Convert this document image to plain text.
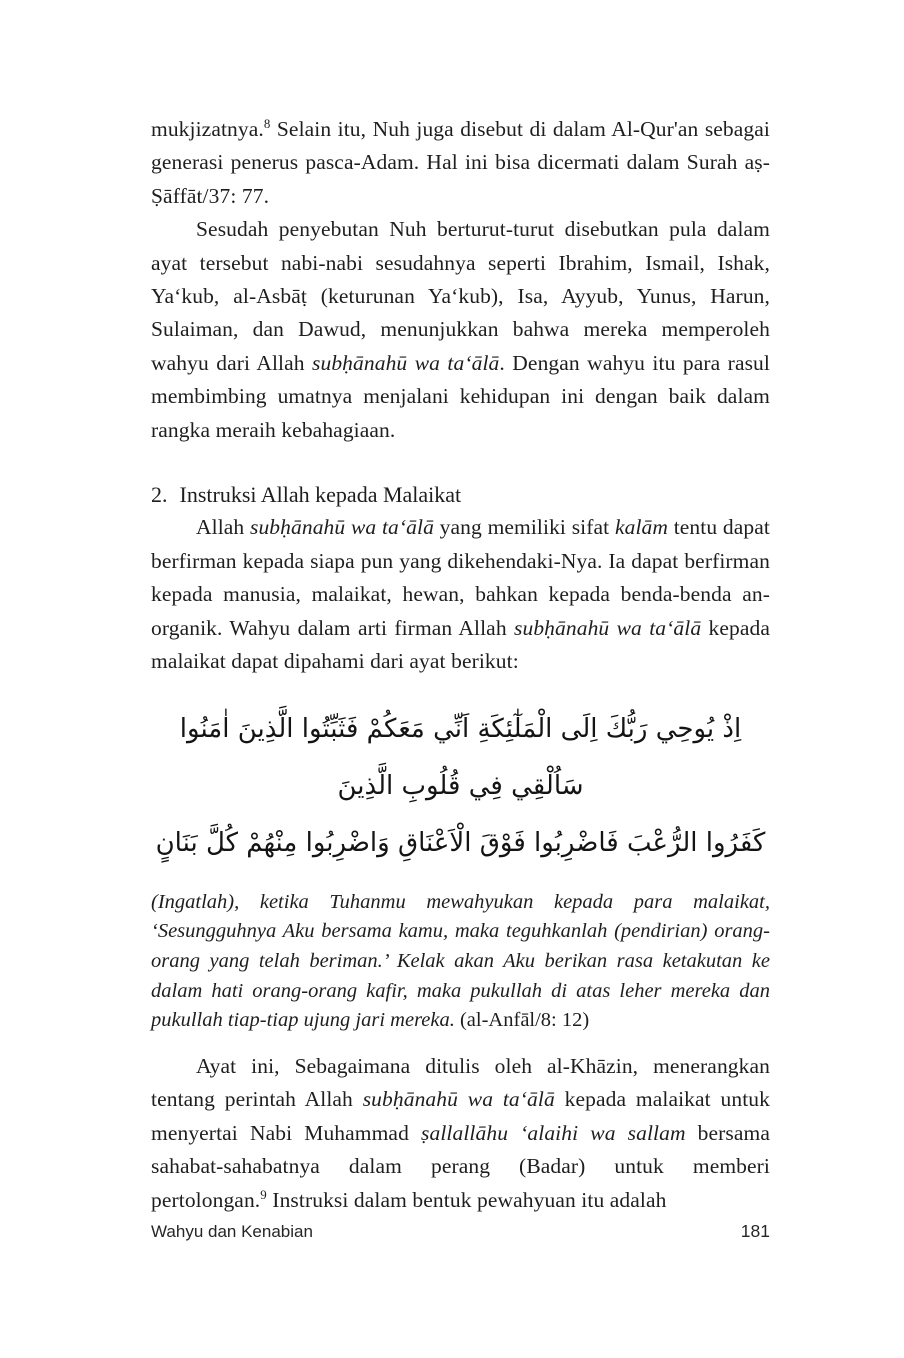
mukjizatnya.$^8$ Selain itu, Nuh juga disebut di dalam Al-Qur'an sebagai generasi penerus pasca-Adam. Hal ini bisa dicermati dalam Surah aṣ-Ṣāffāt/37: 77.

Sesudah penyebutan Nuh berturut-turut disebutkan pula dalam ayat tersebut nabi-nabi sesudahnya seperti Ibrahim, Ismail, Ishak, Ya‘kub, al-Asbāṭ (keturunan Ya‘kub), Isa, Ayyub, Yunus, Harun, Sulaiman, dan Dawud, menunjukkan bahwa mereka memperoleh wahyu dari Allah subḥānahū wa ta‘ālā. Dengan wahyu itu para rasul membimbing umatnya menjalani kehidupan ini dengan baik dalam rangka meraih kebahagiaan.

2. Instruksi Allah kepada Malaikat

Allah subḥānahū wa ta‘ālā yang memiliki sifat kalām tentu dapat berfirman kepada siapa pun yang dikehendaki-Nya. Ia dapat berfirman kepada manusia, malaikat, hewan, bahkan kepada benda-benda an-organik. Wahyu dalam arti firman Allah subḥānahū wa ta‘ālā kepada malaikat dapat dipahami dari ayat berikut:

اِذْ يُوحِي رَبُّكَ اِلَى الْمَلٰٓئِكَةِ اَنِّي مَعَكُمْ فَثَبِّتُوا الَّذِينَ اٰمَنُوا سَاُلْقِي فِي قُلُوبِ الَّذِينَ
كَفَرُوا الرُّعْبَ فَاضْرِبُوا فَوْقَ الْاَعْنَاقِ وَاضْرِبُوا مِنْهُمْ كُلَّ بَنَانٍ

(Ingatlah), ketika Tuhanmu mewahyukan kepada para malaikat, ‘Sesungguhnya Aku bersama kamu, maka teguhkanlah (pendirian) orang-orang yang telah beriman.’ Kelak akan Aku berikan rasa ketakutan ke dalam hati orang-orang kafir, maka pukullah di atas leher mereka dan pukullah tiap-tiap ujung jari mereka. (al-Anfāl/8: 12)

Ayat ini, Sebagaimana ditulis oleh al-Khāzin, menerangkan tentang perintah Allah subḥānahū wa ta‘ālā kepada malaikat untuk menyertai Nabi Muhammad ṣallallāhu ‘alaihi wa sallam bersama sahabat-sahabatnya dalam perang (Badar) untuk memberi pertolongan.$^9$ Instruksi dalam bentuk pewahyuan itu adalah

Wahyu dan Kenabian	181
